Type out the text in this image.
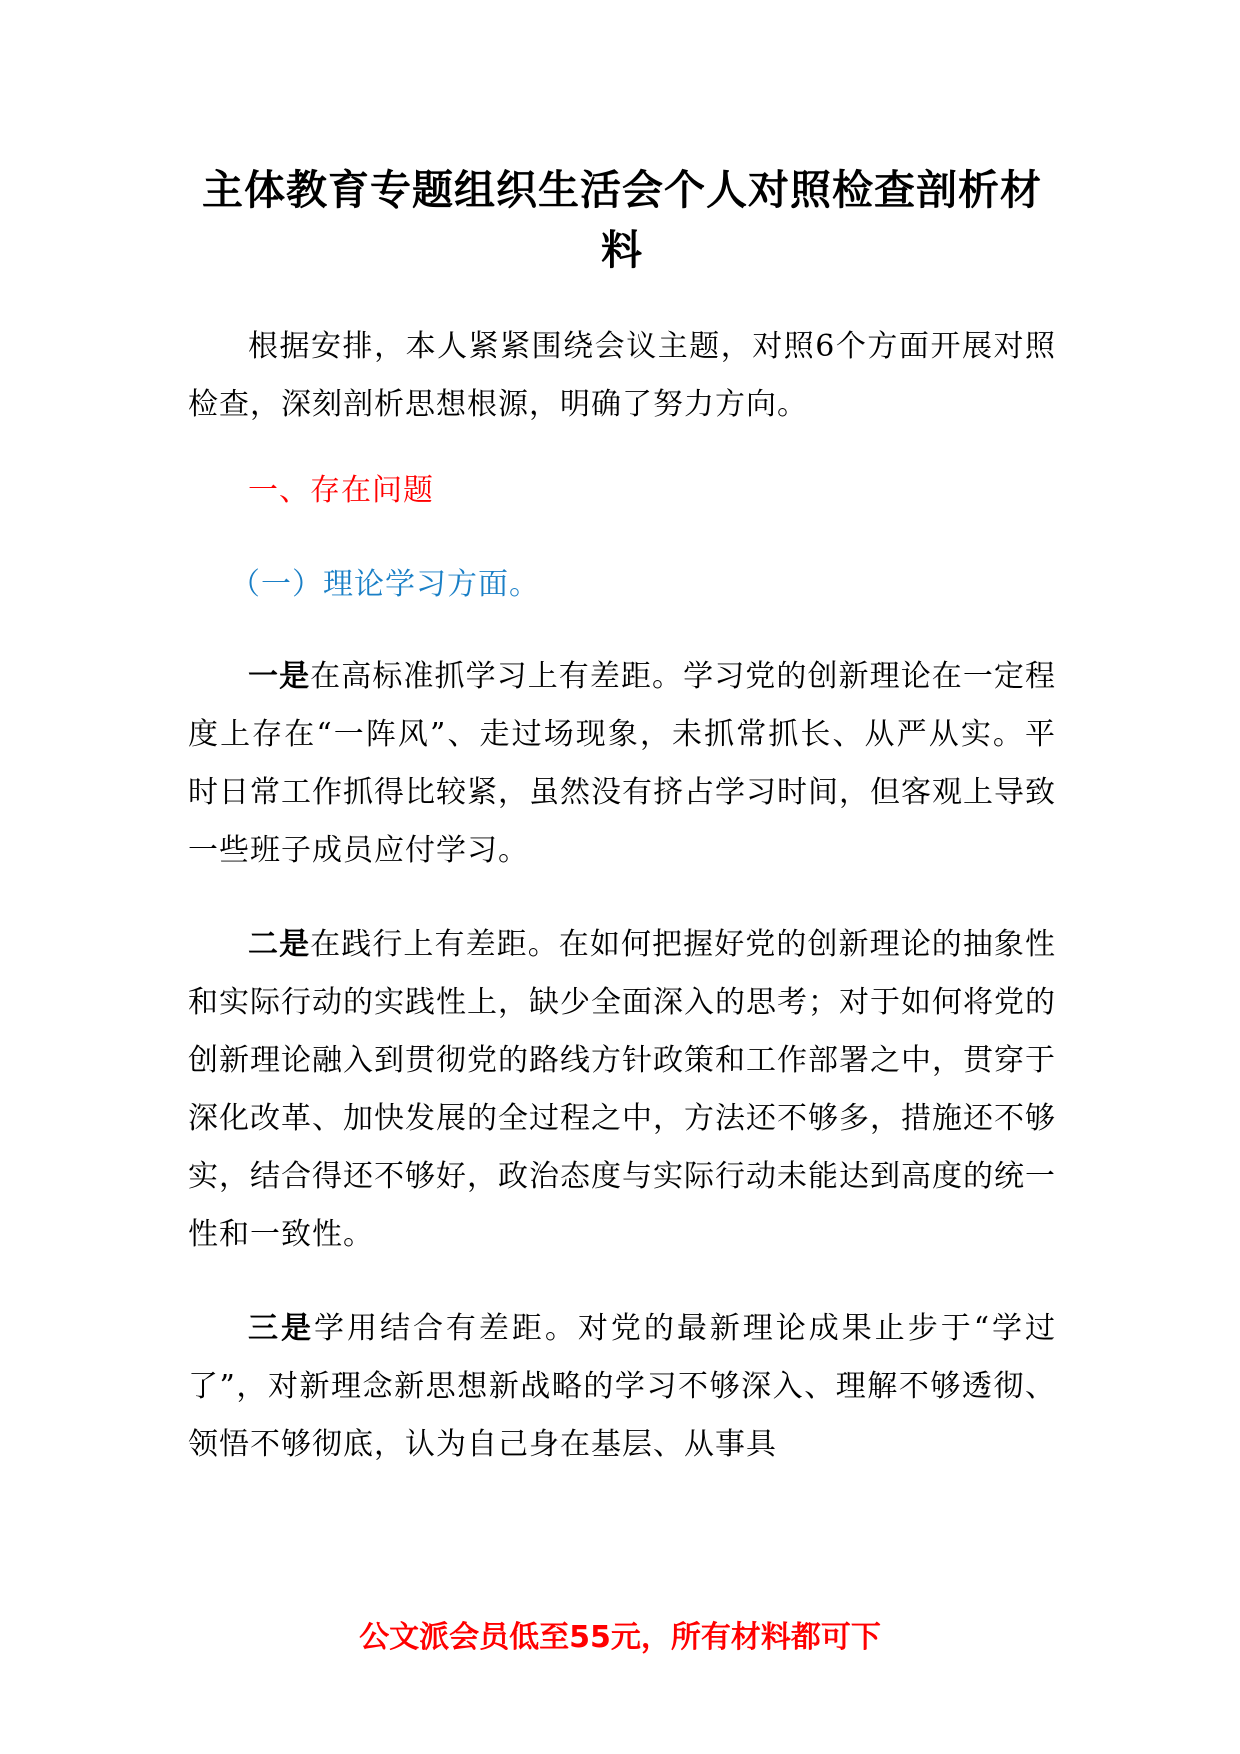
主体教育专题组织生活会个人对照检查剖析材料

根据安排，本人紧紧围绕会议主题，对照6个方面开展对照检查，深刻剖析思想根源，明确了努力方向。

一、存在问题

（一）理论学习方面。

一是在高标准抓学习上有差距。学习党的创新理论在一定程度上存在“一阵风”、走过场现象，未抓常抓长、从严从实。平时日常工作抓得比较紧，虽然没有挤占学习时间，但客观上导致一些班子成员应付学习。

二是在践行上有差距。在如何把握好党的创新理论的抽象性和实际行动的实践性上，缺少全面深入的思考；对于如何将党的创新理论融入到贯彻党的路线方针政策和工作部署之中，贯穿于深化改革、加快发展的全过程之中，方法还不够多，措施还不够实，结合得还不够好，政治态度与实际行动未能达到高度的统一性和一致性。

三是学用结合有差距。对党的最新理论成果止步于“学过了”，对新理念新思想新战略的学习不够深入、理解不够透彻、领悟不够彻底，认为自己身在基层、从事具

公文派会员低至55元，所有材料都可下
